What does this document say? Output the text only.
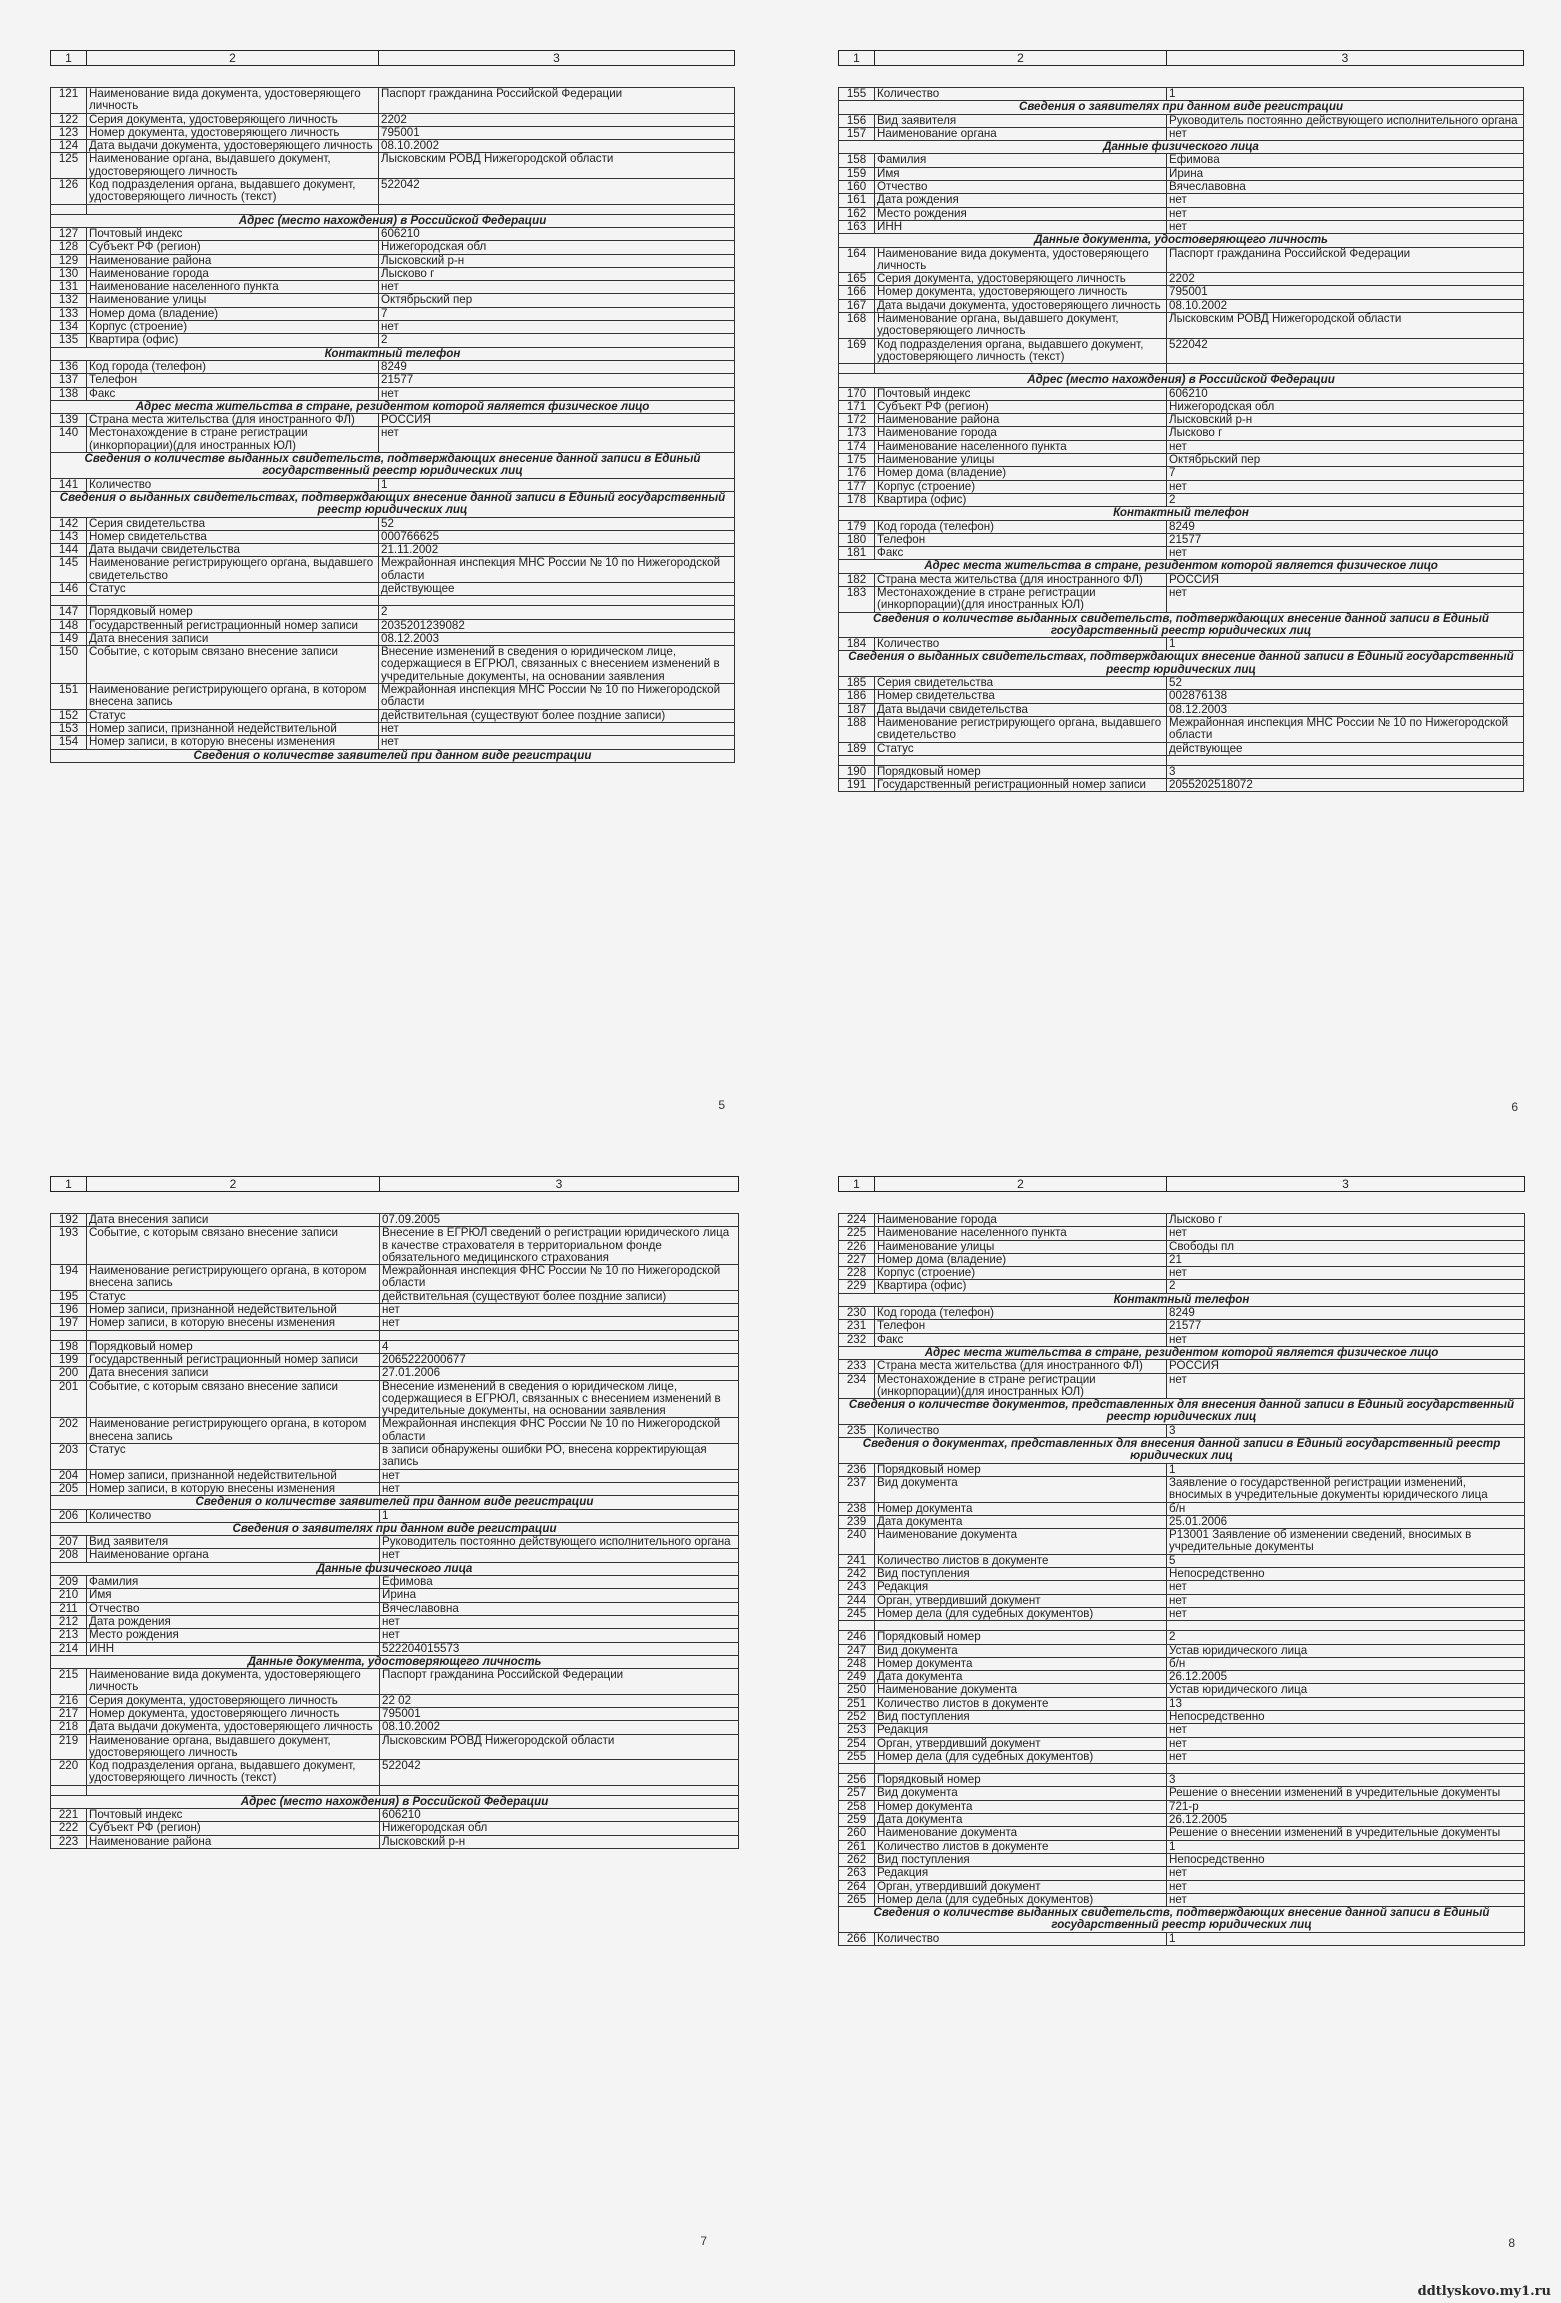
1	2	3
121	Наименование вида документа, удостоверяющего личность	Паспорт гражданина Российской Федерации
122	Серия документа, удостоверяющего личность	2202
123	Номер документа, удостоверяющего личность	795001
124	Дата выдачи документа, удостоверяющего личность	08.10.2002
125	Наименование органа, выдавшего документ, удостоверяющего личность	Лысковским РОВД Нижегородской области
126	Код подразделения органа, выдавшего документ, удостоверяющего личность (текст)	522042

Адрес (место нахождения) в Российской Федерации		
127	Почтовый индекс	606210
128	Субъект РФ (регион)	Нижегородская обл
129	Наименование района	Лысковский р-н
130	Наименование города	Лысково г
131	Наименование населенного пункта	нет
132	Наименование улицы	Октябрьский пер
133	Номер дома (владение)	7
134	Корпус (строение)	нет
135	Квартира (офис)	2
Контактный телефон		
136	Код города (телефон)	8249
137	Телефон	21577
138	Факс	нет
Адрес места жительства в стране, резидентом которой является физическое лицо		
139	Страна места жительства (для иностранного ФЛ)	РОССИЯ
140	Местонахождение в стране регистрации (инкорпорации)(для иностранных ЮЛ)	нет
Сведения о количестве выданных свидетельств, подтверждающих внесение данной записи в Единый государственный реестр юридических лиц		
141	Количество	1
Сведения о выданных свидетельствах, подтверждающих внесение данной записи в Единый государственный реестр юридических лиц		
142	Серия свидетельства	52
143	Номер свидетельства	000766625
144	Дата выдачи свидетельства	21.11.2002
145	Наименование регистрирующего органа, выдавшего свидетельство	Межрайонная инспекция МНС России № 10 по Нижегородской области
146	Статус	действующее

147	Порядковый номер	2
148	Государственный регистрационный номер записи	2035201239082
149	Дата внесения записи	08.12.2003
150	Событие, с которым связано внесение записи	Внесение изменений в сведения о юридическом лице, содержащиеся в ЕГРЮЛ, связанных с внесением изменений в учредительные документы, на основании заявления
151	Наименование регистрирующего органа, в котором внесена запись	Межрайонная инспекция МНС России № 10 по Нижегородской области
152	Статус	действительная (существуют более поздние записи)
153	Номер записи, признанной недействительной	нет
154	Номер записи, в которую внесены изменения	нет
Сведения о количестве заявителей при данном виде регистрации		
5
1	2	3
155	Количество	1
Сведения о заявителях при данном виде регистрации		
156	Вид заявителя	Руководитель постоянно действующего исполнительного органа
157	Наименование органа	нет
Данные физического лица		
158	Фамилия	Ефимова
159	Имя	Ирина
160	Отчество	Вячеславовна
161	Дата рождения	нет
162	Место рождения	нет
163	ИНН	нет
Данные документа, удостоверяющего личность		
164	Наименование вида документа, удостоверяющего личность	Паспорт гражданина Российской Федерации
165	Серия документа, удостоверяющего личность	2202
166	Номер документа, удостоверяющего личность	795001
167	Дата выдачи документа, удостоверяющего личность	08.10.2002
168	Наименование органа, выдавшего документ, удостоверяющего личность	Лысковским РОВД Нижегородской области
169	Код подразделения органа, выдавшего документ, удостоверяющего личность (текст)	522042

Адрес (место нахождения) в Российской Федерации		
170	Почтовый индекс	606210
171	Субъект РФ (регион)	Нижегородская обл
172	Наименование района	Лысковский р-н
173	Наименование города	Лысково г
174	Наименование населенного пункта	нет
175	Наименование улицы	Октябрьский пер
176	Номер дома (владение)	7
177	Корпус (строение)	нет
178	Квартира (офис)	2
Контактный телефон		
179	Код города (телефон)	8249
180	Телефон	21577
181	Факс	нет
Адрес места жительства в стране, резидентом которой является физическое лицо		
182	Страна места жительства (для иностранного ФЛ)	РОССИЯ
183	Местонахождение в стране регистрации (инкорпорации)(для иностранных ЮЛ)	нет
Сведения о количестве выданных свидетельств, подтверждающих внесение данной записи в Единый государственный реестр юридических лиц		
184	Количество	1
Сведения о выданных свидетельствах, подтверждающих внесение данной записи в Единый государственный реестр юридических лиц		
185	Серия свидетельства	52
186	Номер свидетельства	002876138
187	Дата выдачи свидетельства	08.12.2003
188	Наименование регистрирующего органа, выдавшего свидетельство	Межрайонная инспекция МНС России № 10 по Нижегородской области
189	Статус	действующее

190	Порядковый номер	3
191	Государственный регистрационный номер записи	2055202518072
6
1	2	3
192	Дата внесения записи	07.09.2005
193	Событие, с которым связано внесение записи	Внесение в ЕГРЮЛ сведений о регистрации юридического лица в качестве страхователя в территориальном фонде обязательного медицинского страхования
194	Наименование регистрирующего органа, в котором внесена запись	Межрайонная инспекция ФНС России № 10 по Нижегородской области
195	Статус	действительная (существуют более поздние записи)
196	Номер записи, признанной недействительной	нет
197	Номер записи, в которую внесены изменения	нет

198	Порядковый номер	4
199	Государственный регистрационный номер записи	2065222000677
200	Дата внесения записи	27.01.2006
201	Событие, с которым связано внесение записи	Внесение изменений в сведения о юридическом лице, содержащиеся в ЕГРЮЛ, связанных с внесением изменений в учредительные документы, на основании заявления
202	Наименование регистрирующего органа, в котором внесена запись	Межрайонная инспекция ФНС России № 10 по Нижегородской области
203	Статус	в записи обнаружены ошибки РО, внесена корректирующая запись
204	Номер записи, признанной недействительной	нет
205	Номер записи, в которую внесены изменения	нет
Сведения о количестве заявителей при данном виде регистрации		
206	Количество	1
Сведения о заявителях при данном виде регистрации		
207	Вид заявителя	Руководитель постоянно действующего исполнительного органа
208	Наименование органа	нет
Данные физического лица		
209	Фамилия	Ефимова
210	Имя	Ирина
211	Отчество	Вячеславовна
212	Дата рождения	нет
213	Место рождения	нет
214	ИНН	522204015573
Данные документа, удостоверяющего личность		
215	Наименование вида документа, удостоверяющего личность	Паспорт гражданина Российской Федерации
216	Серия документа, удостоверяющего личность	22 02
217	Номер документа, удостоверяющего личность	795001
218	Дата выдачи документа, удостоверяющего личность	08.10.2002
219	Наименование органа, выдавшего документ, удостоверяющего личность	Лысковским РОВД Нижегородской области
220	Код подразделения органа, выдавшего документ, удостоверяющего личность (текст)	522042

Адрес (место нахождения) в Российской Федерации		
221	Почтовый индекс	606210
222	Субъект РФ (регион)	Нижегородская обл
223	Наименование района	Лысковский р-н
7
1	2	3
224	Наименование города	Лысково г
225	Наименование населенного пункта	нет
226	Наименование улицы	Свободы пл
227	Номер дома (владение)	21
228	Корпус (строение)	нет
229	Квартира (офис)	2
Контактный телефон		
230	Код города (телефон)	8249
231	Телефон	21577
232	Факс	нет
Адрес места жительства в стране, резидентом которой является физическое лицо		
233	Страна места жительства (для иностранного ФЛ)	РОССИЯ
234	Местонахождение в стране регистрации (инкорпорации)(для иностранных ЮЛ)	нет
Сведения о количестве документов, представленных для внесения данной записи в Единый государственный реестр юридических лиц		
235	Количество	3
Сведения о документах, представленных для внесения данной записи в Единый государственный реестр юридических лиц		
236	Порядковый номер	1
237	Вид документа	Заявление о государственной регистрации изменений, вносимых в учредительные документы юридического лица
238	Номер документа	б/н
239	Дата документа	25.01.2006
240	Наименование документа	Р13001 Заявление об изменении сведений, вносимых в учредительные документы
241	Количество листов в документе	5
242	Вид поступления	Непосредственно
243	Редакция	нет
244	Орган, утвердивший документ	нет
245	Номер дела (для судебных документов)	нет

246	Порядковый номер	2
247	Вид документа	Устав юридического лица
248	Номер документа	б/н
249	Дата документа	26.12.2005
250	Наименование документа	Устав юридического лица
251	Количество листов в документе	13
252	Вид поступления	Непосредственно
253	Редакция	нет
254	Орган, утвердивший документ	нет
255	Номер дела (для судебных документов)	нет

256	Порядковый номер	3
257	Вид документа	Решение о внесении изменений в учредительные документы
258	Номер документа	721-р
259	Дата документа	26.12.2005
260	Наименование документа	Решение о внесении изменений в учредительные документы
261	Количество листов в документе	1
262	Вид поступления	Непосредственно
263	Редакция	нет
264	Орган, утвердивший документ	нет
265	Номер дела (для судебных документов)	нет
Сведения о количестве выданных свидетельств, подтверждающих внесение данной записи в Единый государственный реестр юридических лиц		
266	Количество	1
8
ddtlyskovo.my1.ru
